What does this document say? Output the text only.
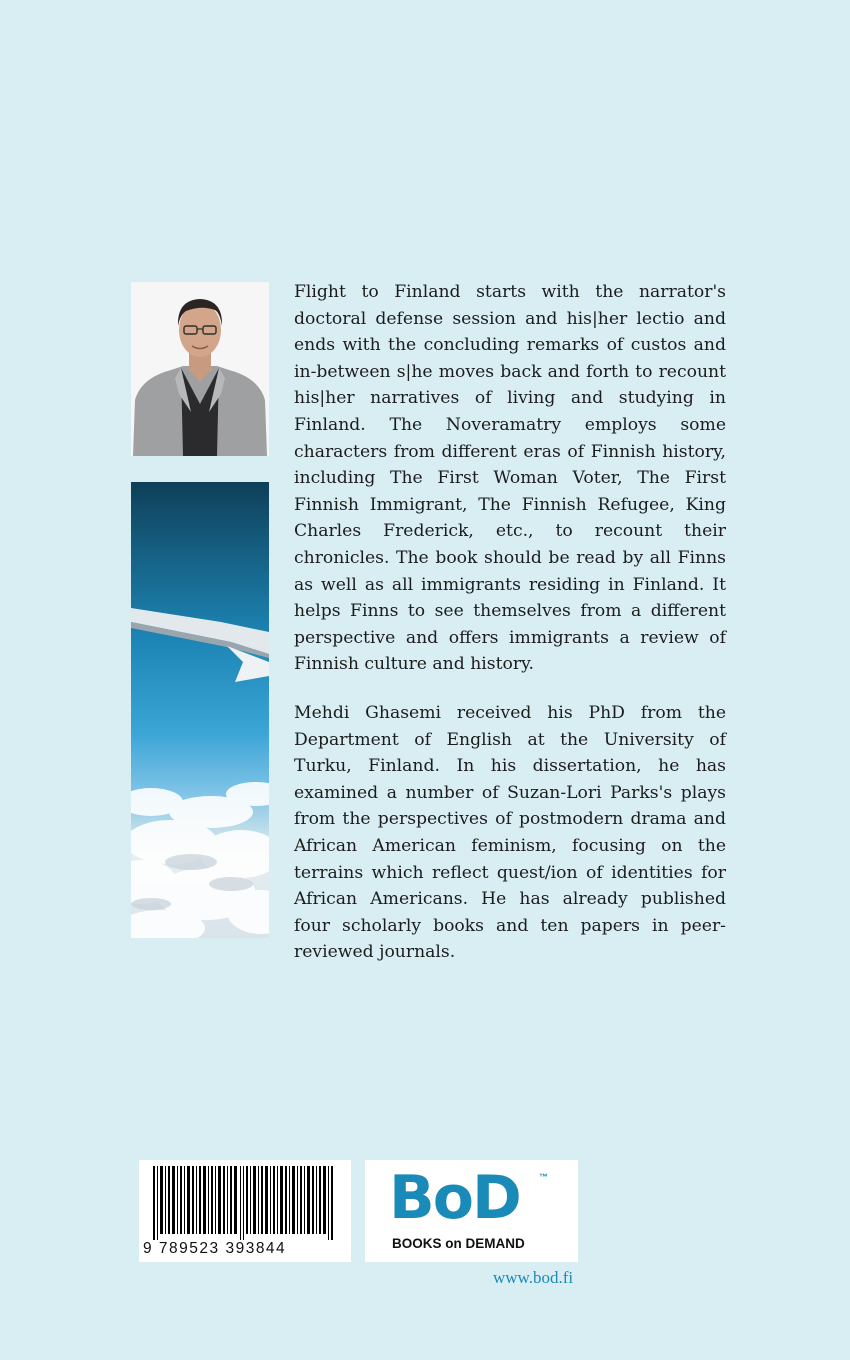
Flight to Finland starts with the narrator's doctoral defense session and his|her lectio and ends with the concluding remarks of custos and in-between s|he moves back and forth to recount his|her narratives of living and studying in Finland. The Noveramatry employs some characters from different eras of Finnish history, including The First Woman Voter, The First Finnish Immigrant, The Finnish Refugee, King Charles Frederick, etc., to recount their chronicles. The book should be read by all Finns as well as all immigrants residing in Finland. It helps Finns to see themselves from a different perspective and offers immigrants a review of Finnish culture and history.

Mehdi Ghasemi received his PhD from the Department of English at the University of Turku, Finland. In his dissertation, he has examined a number of Suzan-Lori Parks's plays from the perspectives of postmodern drama and African American feminism, focusing on the terrains which reflect quest/ion of identities for African Americans. He has already published four scholarly books and ten papers in peer-reviewed journals.

9 789523 393844
BoD ™
BOOKS on DEMAND
www.bod.fi
